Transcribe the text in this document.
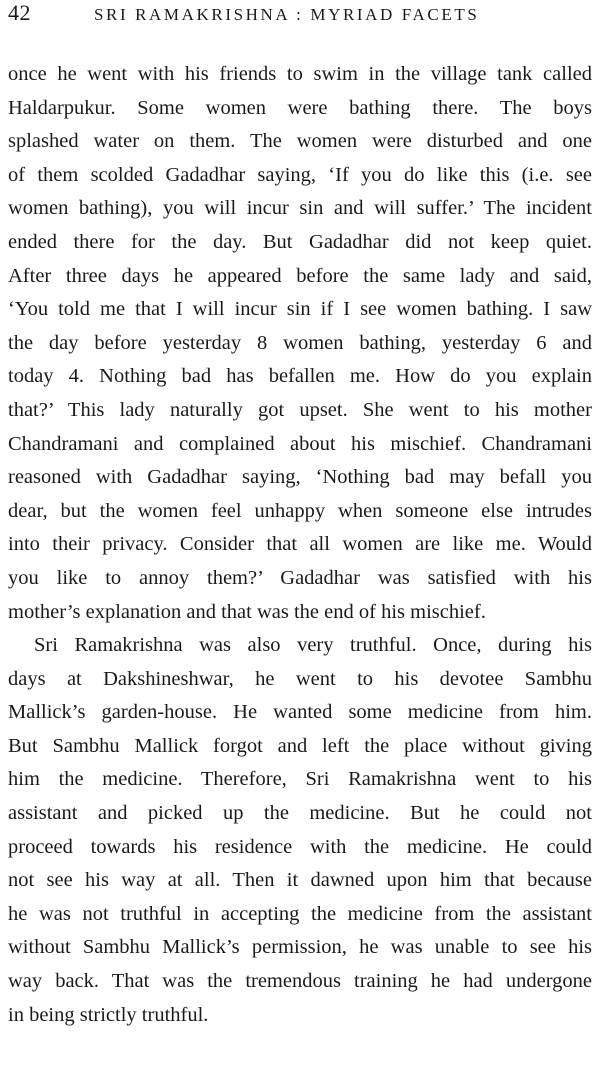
42	SRI RAMAKRISHNA : MYRIAD FACETS
once he went with his friends to swim in the village tank called
Haldarpukur. Some women were bathing there. The boys
splashed water on them. The women were disturbed and one
of them scolded Gadadhar saying, ‘If you do like this (i.e. see
women bathing), you will incur sin and will suffer.’ The incident
ended there for the day. But Gadadhar did not keep quiet.
After three days he appeared before the same lady and said,
‘You told me that I will incur sin if I see women bathing. I saw
the day before yesterday 8 women bathing, yesterday 6 and
today 4. Nothing bad has befallen me. How do you explain
that?’ This lady naturally got upset. She went to his mother
Chandramani and complained about his mischief. Chandramani
reasoned with Gadadhar saying, ‘Nothing bad may befall you
dear, but the women feel unhappy when someone else intrudes
into their privacy. Consider that all women are like me. Would
you like to annoy them?’ Gadadhar was satisfied with his
mother’s explanation and that was the end of his mischief.
Sri Ramakrishna was also very truthful. Once, during his
days at Dakshineshwar, he went to his devotee Sambhu
Mallick’s garden-house. He wanted some medicine from him.
But Sambhu Mallick forgot and left the place without giving
him the medicine. Therefore, Sri Ramakrishna went to his
assistant and picked up the medicine. But he could not
proceed towards his residence with the medicine. He could
not see his way at all. Then it dawned upon him that because
he was not truthful in accepting the medicine from the assistant
without Sambhu Mallick’s permission, he was unable to see his
way back. That was the tremendous training he had undergone
in being strictly truthful.
